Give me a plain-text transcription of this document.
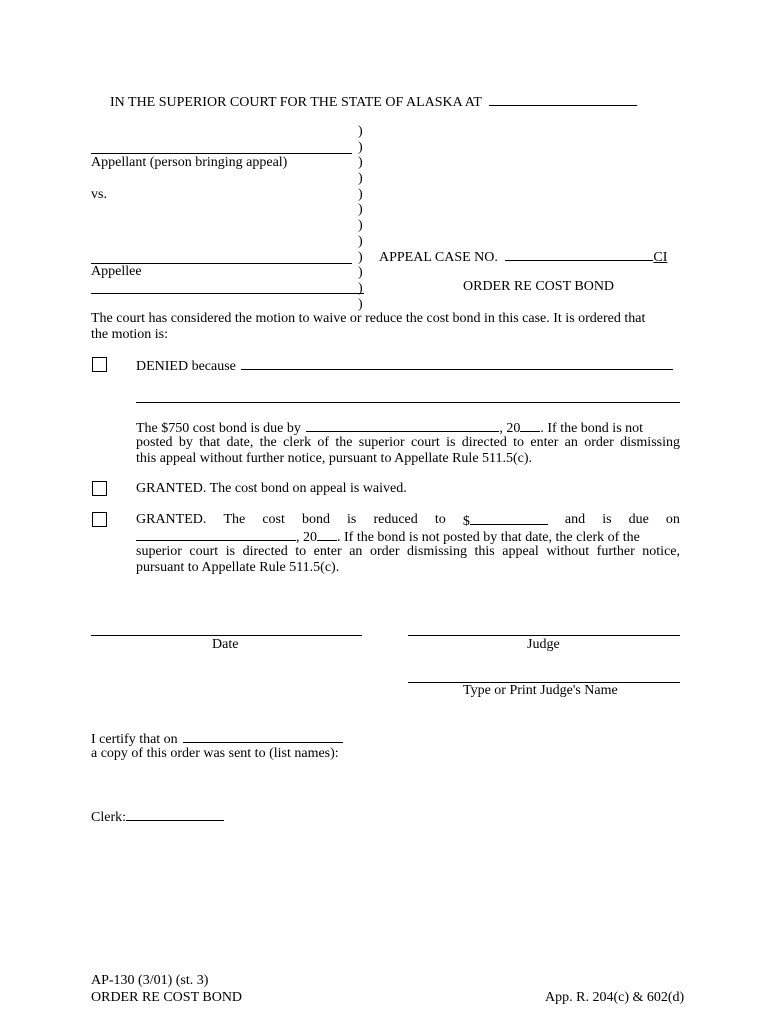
IN THE SUPERIOR COURT FOR THE STATE OF ALASKA AT
)
)
)
)
)
)
)
)
)
)
)
)
Appellant (person bringing appeal)
vs.
Appellee
APPEAL CASE NO.	CI
ORDER RE COST BOND
The court has considered the motion to waive or reduce the cost bond in this case. It is ordered that
the motion is:
DENIED because
The $750 cost bond is due by	, 20 . If the bond is not
posted by that date, the clerk of the superior court is directed to enter an order dismissing
this appeal without further notice, pursuant to Appellate Rule 511.5(c).
GRANTED. The cost bond on appeal is waived.
GRANTED. The cost bond is reduced to $	and is due on
, 20 . If the bond is not posted by that date, the clerk of the
superior court is directed to enter an order dismissing this appeal without further notice,
pursuant to Appellate Rule 511.5(c).
Date	Judge
Type or Print Judge's Name
I certify that on
a copy of this order was sent to (list names):
Clerk:
AP-130 (3/01) (st. 3)
ORDER RE COST BOND	App. R. 204(c) & 602(d)
